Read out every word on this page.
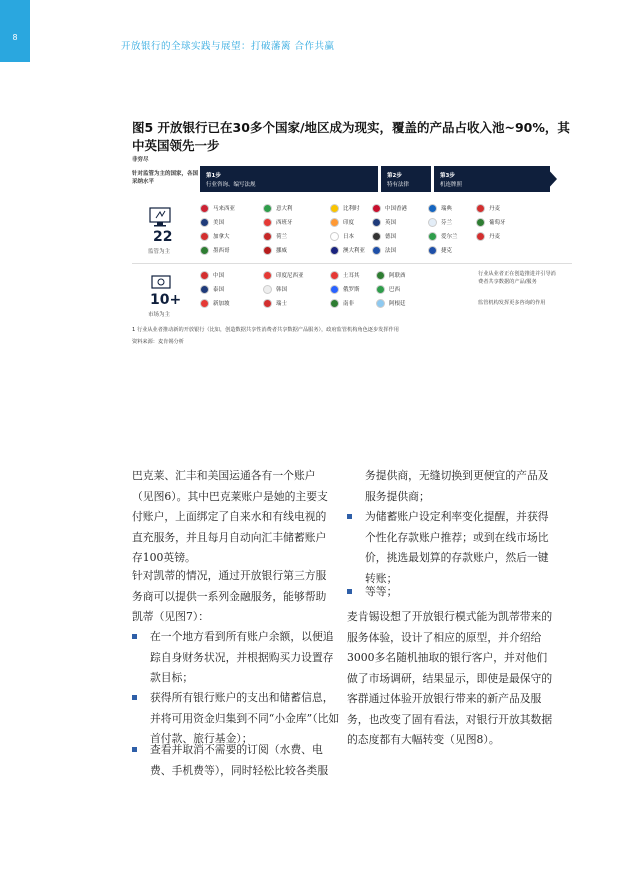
8
开放银行的全球实践与展望：打破藩篱 合作共赢
图5 开放银行已在30多个国家/地区成为现实，覆盖的产品占收入池~90%，其中英国领先一步
非穷尽
针对监管为主的国家，各国采纳水平
第1步
行业咨询、编写法规
第2步
特有法律
第3步
机连牌照
22
监管为主
马来西亚
美国
加拿大
墨西哥
意大利
西班牙
荷兰
挪威
比利时
印度
日本
澳大利亚
中国香港
英国
德国
法国
瑞典
芬兰
爱尔兰
捷克
丹麦
葡萄牙
丹麦
10+
市场为主
中国
泰国
新加坡
印度尼西亚
韩国
瑞士
土耳其
俄罗斯
南非
阿联酋
巴西
阿根廷
行业从业者正在创造推进并引导消费者共享数据的产品/服务
监管机构发挥更多咨询的作用
1 行业从业者推动新的开放银行（比如，创造数据共享性消费者共享数据产品服务），政府监管机构角色逐步发挥作用
资料来源：麦肯锡分析
巴克莱、汇丰和美国运通各有一个账户（见图6）。其中巴克莱账户是她的主要支付账户，上面绑定了自来水和有线电视的直充服务，并且每月自动向汇丰储蓄账户存100英镑。
针对凯蒂的情况，通过开放银行第三方服务商可以提供一系列金融服务，能够帮助凯蒂（见图7）：
在一个地方看到所有账户余额，以便追踪自身财务状况，并根据购买力设置存款目标；
获得所有银行账户的支出和储蓄信息，并将可用资金归集到不同“小金库”（比如首付款、旅行基金）；
查看并取消不需要的订阅（水费、电费、手机费等），同时轻松比较各类服
务提供商，无缝切换到更便宜的产品及服务提供商；
为储蓄账户设定利率变化提醒，并获得个性化存款账户推荐；或到在线市场比价，挑选最划算的存款账户，然后一键转账；
等等；
麦肯锡设想了开放银行模式能为凯蒂带来的服务体验，设计了相应的原型，并介绍给3000多名随机抽取的银行客户，并对他们做了市场调研，结果显示，即使是最保守的客群通过体验开放银行带来的新产品及服务，也改变了固有看法，对银行开放其数据的态度都有大幅转变（见图8）。
